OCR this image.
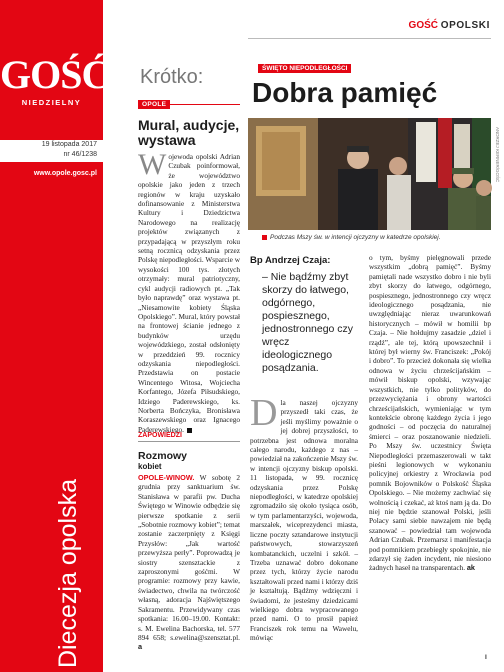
GOŚĆ
NIEDZIELNY
19 listopada 2017
nr 46/1238
www.opole.gosc.pl
Diecezja opolska
GOŚĆ OPOLSKI
Krótko:
OPOLE
Mural, audycje, wystawa

Wojewoda opolski Adrian Czubak poinformował, że województwo opolskie jako jeden z trzech regionów w kraju uzyskało dofinansowanie z Ministerstwa Kultury i Dziedzictwa Narodowego na realizację projektów związanych z przypadającą w przyszłym roku setną rocznicą odzyskania przez Polskę niepodległości. Wsparcie w wysokości 100 tys. złotych otrzymały: mural patriotyczny, cykl audycji radiowych pt. „Tak było naprawdę” oraz wystawa pt. „Niesamowite kobiety Śląska Opolskiego”. Mural, który powstał na frontowej ścianie jednego z budynków urzędu wojewódzkiego, został odsłonięty w przeddzień 99. rocznicy odzyskania niepodległości. Przedstawia on postacie Wincentego Witosa, Wojciecha Korfantego, Józefa Piłsudskiego, Idziego Paderewskiego, ks. Norberta Bończyka, Bronisława Koraszewskiego oraz Ignacego Paderewskiego.

ZAPOWIEDZI
Rozmowy
kobiet

OPOLE-WINOW. W sobotę 2 grudnia przy sanktuarium św. Stanisława w parafii pw. Ducha Świętego w Winowie odbędzie się pierwsze spotkanie z serii „Sobotnie rozmowy kobiet”; temat zostanie zaczerpnięty z Księgi Przysłów: „Jak wartość przewyższa perły”. Poprowadzą je siostry szensztackie z zaproszonymi gośćmi. W programie: rozmowy przy kawie, świadectwo, chwila na twórczość własną, adoracja Najświętszego Sakramentu. Przewidywany czas spotkania: 16.00–19.00. Kontakt: s. M. Ewelina Bachorska, tel. 577 894 658; s.ewelina@szensztat.pl. a

ŚWIĘTO NIEPODLEGŁOŚCI
Dobra pamięć
ANDRZEJ KERNER/GOŚĆ
Podczas Mszy św. w intencji ojczyzny w katedrze opolskiej.
Bp Andrzej Czaja:
– Nie bądźmy zbyt skorzy do łatwego, odgórnego, pospiesznego, jednostronnego czy wręcz ideologicznego posądzania.

Dla naszej ojczyzny przyszedł taki czas, że jeśli myślimy poważnie o jej dobrej przyszłości, to potrzebna jest odnowa moralna całego narodu, każdego z nas – powiedział na zakończenie Mszy św. w intencji ojczyzny biskup opolski. 11 listopada, w 99. rocznicę odzyskania przez Polskę niepodległości, w katedrze opolskiej zgromadziło się około tysiąca osób, w tym parlamentarzyści, wojewoda, marszałek, wiceprezydenci miasta, liczne poczty sztandarowe instytucji państwowych, stowarzyszeń kombatanckich, uczelni i szkół. – Trzeba uznawać dobro dokonane przez tych, którzy życie narodu kształtowali przed nami i którzy dziś je kształtują. Bądźmy wdzięczni i świadomi, że jesteśmy dziedzicami wielkiego dobra wypracowanego przed nami. O to prosił papież Franciszek rok temu na Wawelu, mówiąc

o tym, byśmy pielęgnowali przede wszystkim „dobrą pamięć”. Byśmy pamiętali nade wszystko dobro i nie byli zbyt skorzy do łatwego, odgórnego, pospiesznego, jednostronnego czy wręcz ideologicznego posądzania, nie uwzględniając nieraz uwarunkowań historycznych – mówił w homilii bp Czaja. – Nie hołdujmy zasadzie „dziel i rządź”, ale tej, którą upowszechnił i której był wierny św. Franciszek: „Pokój i dobro”. To przecież dokonała się wielka odnowa w życiu chrześcijańskim – mówił biskup opolski, wzywając wszystkich, nie tylko polityków, do przezwyciężania i obrony wartości chrześcijańskich, wymieniając w tym kontekście obronę każdego życia i jego godności – od poczęcia do naturalnej śmierci – oraz poszanowanie niedzieli. Po Mszy św. uczestnicy Święta Niepodległości przemaszerowali w takt pieśni legionowych w wykonaniu policyjnej orkiestry z Wrocławia pod pomnik Bojowników o Polskość Śląska Opolskiego. – Nie możemy zachwiać się wolnością i czekać, aż ktoś nam ją da. Do niej nie będzie szanował Polski, jeśli Polacy sami siebie nawzajem nie będą szanować – powiedział tam wojewoda Adrian Czubak. Przemarsz i manifestacja pod pomnikiem przebiegły spokojnie, nie zdarzył się żaden incydent, nie niesiono żadnych haseł na transparentach. ak

I
